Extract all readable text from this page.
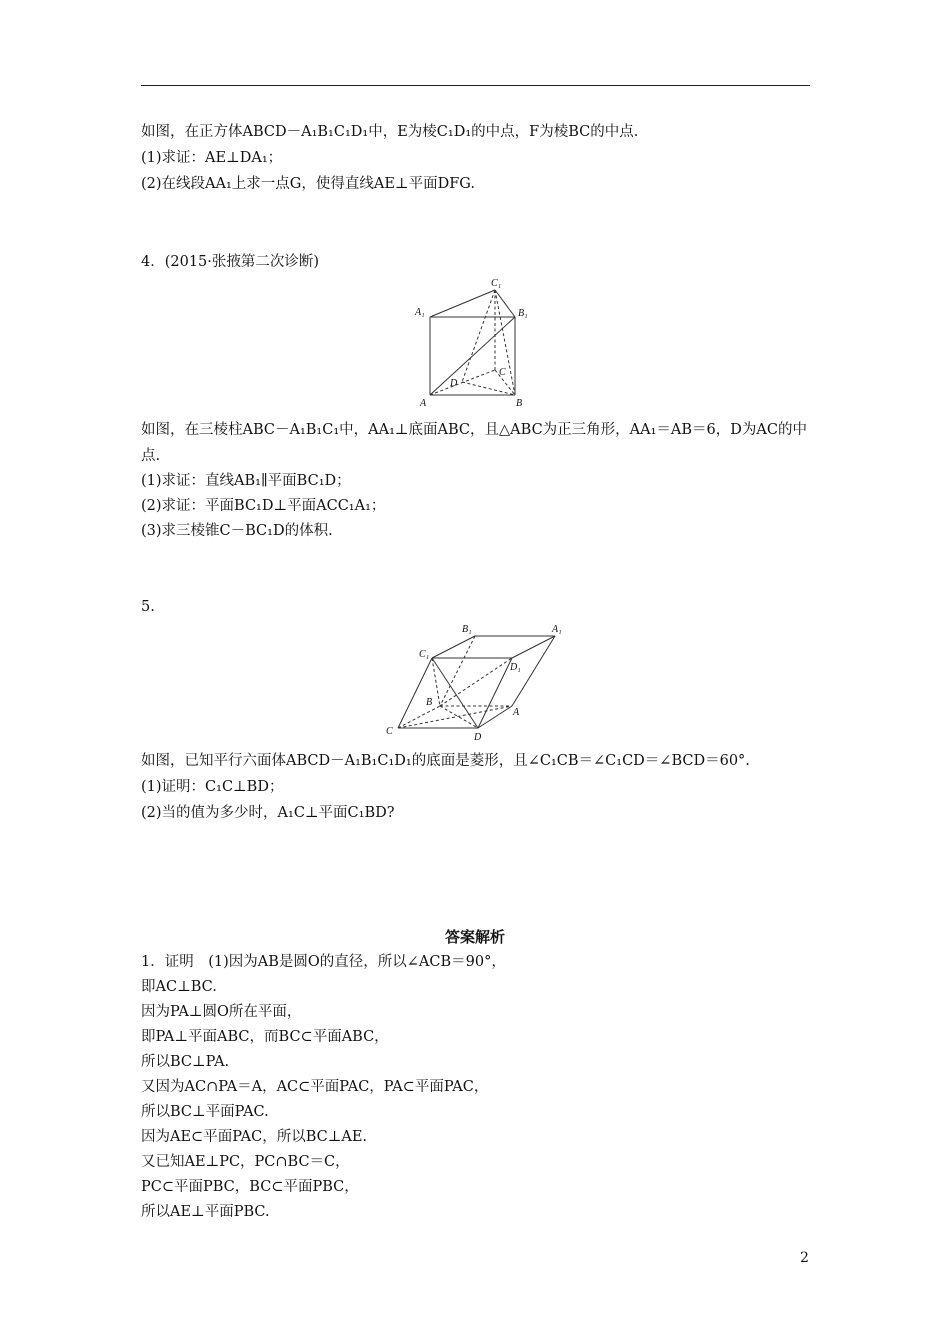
如图，在正方体ABCD－A₁B₁C₁D₁中，E为棱C₁D₁的中点，F为棱BC的中点.
(1)求证：AE⊥DA₁；
(2)在线段AA₁上求一点G，使得直线AE⊥平面DFG.
4．(2015·张掖第二次诊断)
A₁
C₁
B₁
D
C
A	B
如图，在三棱柱ABC－A₁B₁C₁中，AA₁⊥底面ABC，且△ABC为正三角形，AA₁＝AB＝6，D为AC的中
点.
(1)求证：直线AB₁∥平面BC₁D；
(2)求证：平面BC₁D⊥平面ACC₁A₁；
(3)求三棱锥C－BC₁D的体积.
5.
B₁	A₁
C₁
D₁
B
A
C
D
如图，已知平行六面体ABCD－A₁B₁C₁D₁的底面是菱形，且∠C₁CB＝∠C₁CD＝∠BCD＝60°.
(1)证明：C₁C⊥BD；
(2)当的值为多少时，A₁C⊥平面C₁BD?
答案解析
1．证明　(1)因为AB是圆O的直径，所以∠ACB＝90°，
即AC⊥BC.
因为PA⊥圆O所在平面，
即PA⊥平面ABC，而BC⊂平面ABC，
所以BC⊥PA.
又因为AC∩PA＝A，AC⊂平面PAC，PA⊂平面PAC，
所以BC⊥平面PAC.
因为AE⊂平面PAC，所以BC⊥AE.
又已知AE⊥PC，PC∩BC＝C，
PC⊂平面PBC，BC⊂平面PBC，
所以AE⊥平面PBC.
2
